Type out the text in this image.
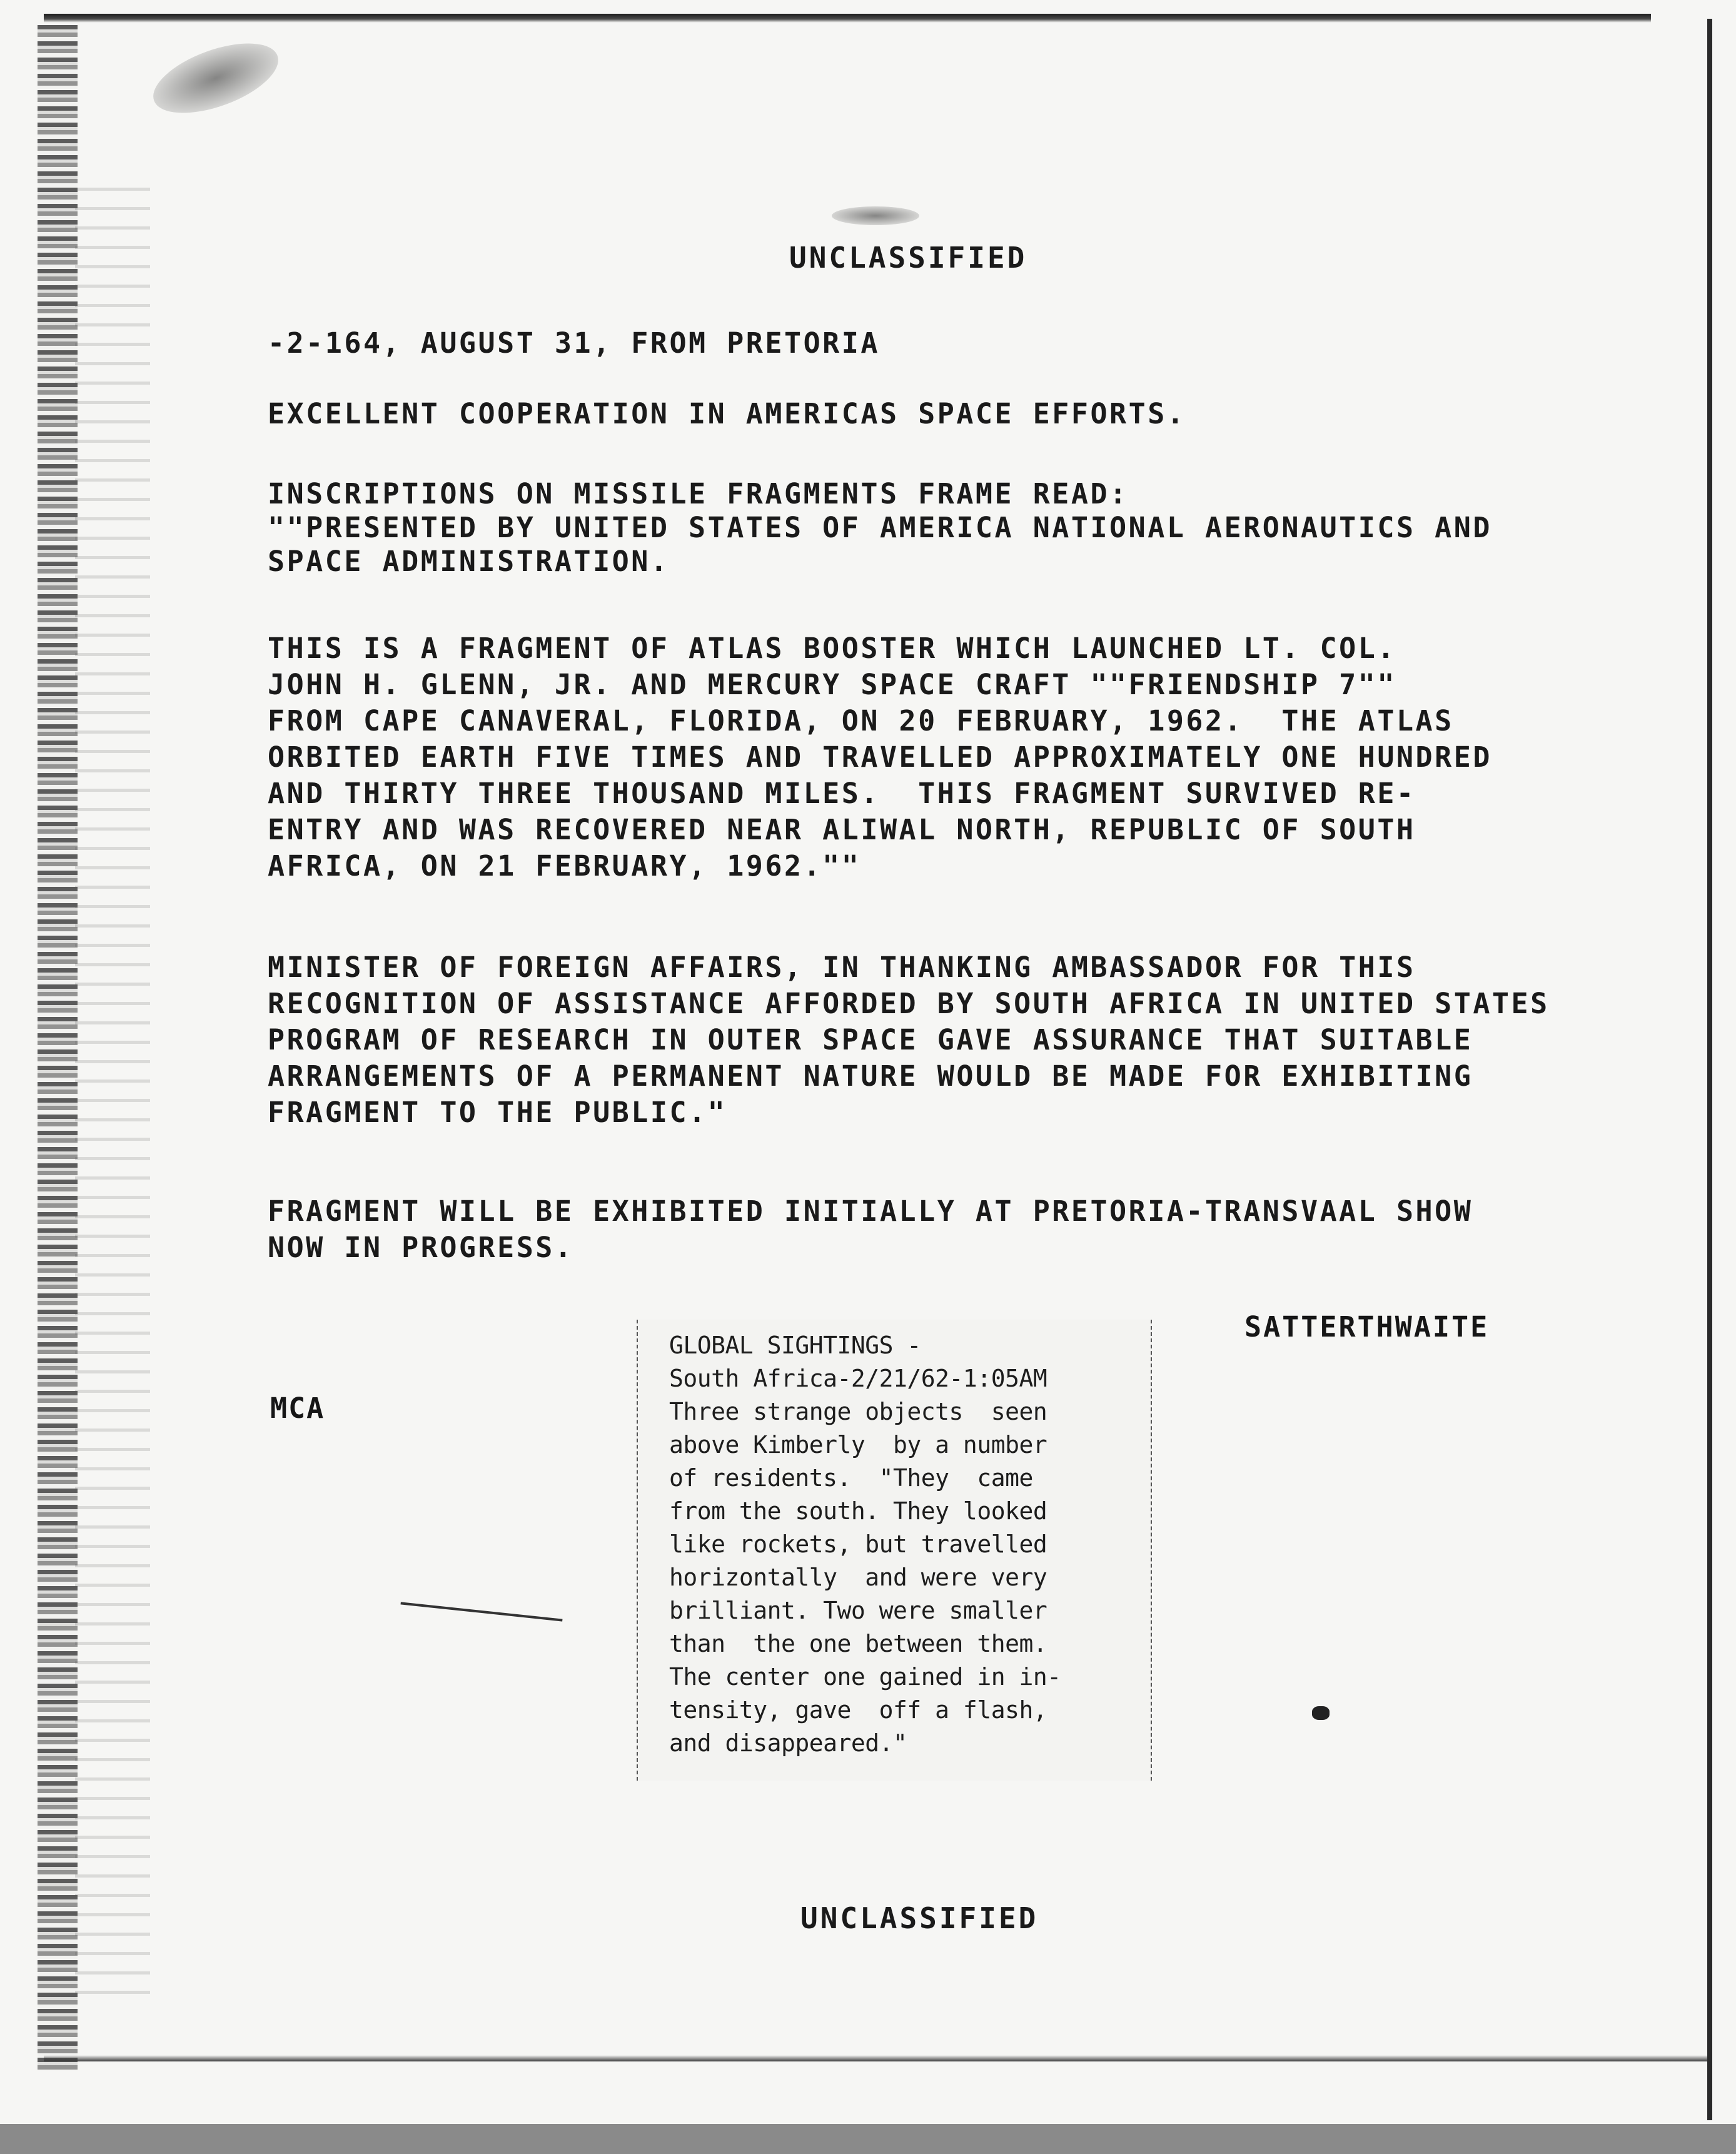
UNCLASSIFIED
-2-164, AUGUST 31, FROM PRETORIA

EXCELLENT COOPERATION IN AMERICAS SPACE EFFORTS.

INSCRIPTIONS ON MISSILE FRAGMENTS FRAME READ:

""PRESENTED BY UNITED STATES OF AMERICA NATIONAL AERONAUTICS AND

SPACE ADMINISTRATION.

THIS IS A FRAGMENT OF ATLAS BOOSTER WHICH LAUNCHED LT. COL.

JOHN H. GLENN, JR. AND MERCURY SPACE CRAFT ""FRIENDSHIP 7""

FROM CAPE CANAVERAL, FLORIDA, ON 20 FEBRUARY, 1962.  THE ATLAS

ORBITED EARTH FIVE TIMES AND TRAVELLED APPROXIMATELY ONE HUNDRED

AND THIRTY THREE THOUSAND MILES.  THIS FRAGMENT SURVIVED RE-

ENTRY AND WAS RECOVERED NEAR ALIWAL NORTH, REPUBLIC OF SOUTH

AFRICA, ON 21 FEBRUARY, 1962.""

MINISTER OF FOREIGN AFFAIRS, IN THANKING AMBASSADOR FOR THIS

RECOGNITION OF ASSISTANCE AFFORDED BY SOUTH AFRICA IN UNITED STATES

PROGRAM OF RESEARCH IN OUTER SPACE GAVE ASSURANCE THAT SUITABLE

ARRANGEMENTS OF A PERMANENT NATURE WOULD BE MADE FOR EXHIBITING

FRAGMENT TO THE PUBLIC."

FRAGMENT WILL BE EXHIBITED INITIALLY AT PRETORIA-TRANSVAAL SHOW

NOW IN PROGRESS.

SATTERTHWAITE
MCA

GLOBAL SIGHTINGS -

South Africa-2/21/62-1:05AM

Three strange objects  seen

above Kimberly  by a number

of residents.  "They  came

from the south. They looked

like rockets, but travelled

horizontally  and were very

brilliant. Two were smaller

than  the one between them.

The center one gained in in-

tensity, gave  off a flash,

and disappeared."

UNCLASSIFIED
